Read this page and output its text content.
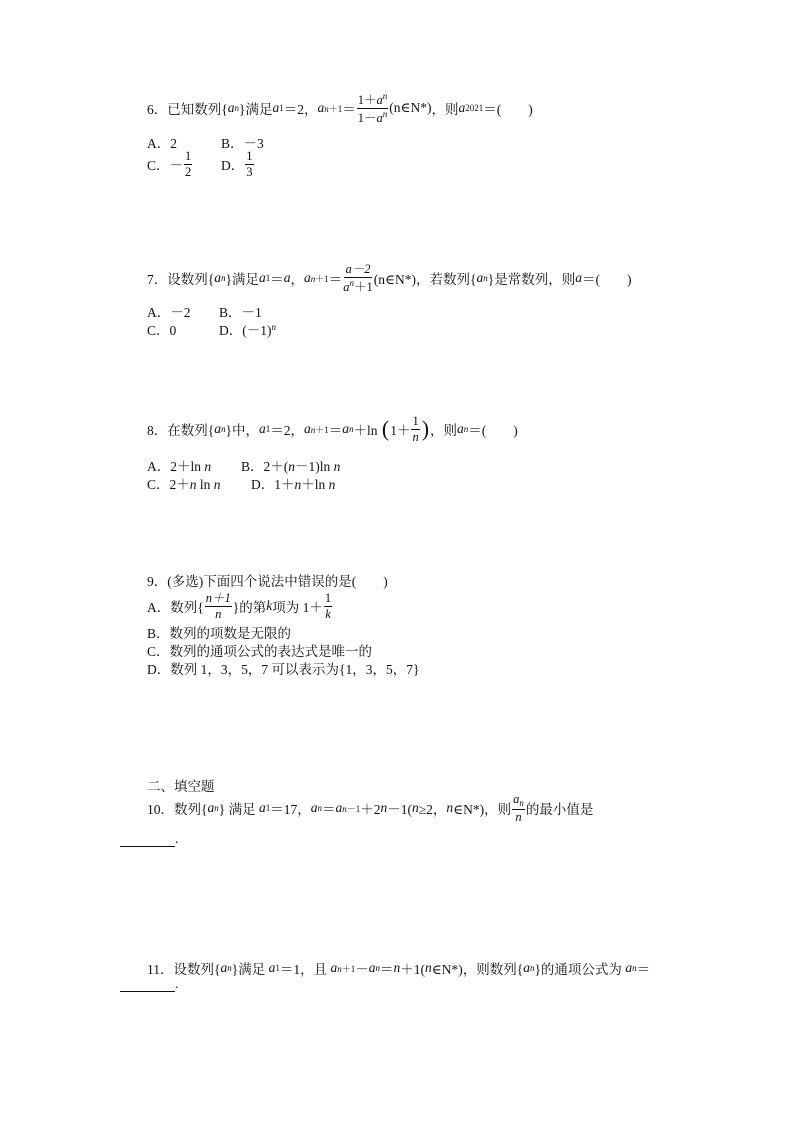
6．已知数列{ a n }满足 a 1 ＝2， a $n+1 = \frac{1+a^n}{1-a^n}$ (n∈N*) ，则 a 2021 ＝(　　)
A．2	B．－3
C．－ $\frac{1}{2}$ D． $\frac{1}{3}$
7．设数列{ a n }满足 a 1 ＝ a ， a $n+1 = \frac{a-2}{a^n+1}$ (n∈N*)，若数列{ a n }是常数列，则 a ＝(　　)
A．－2	B．－1
C．0	D．$(-1)^n$
8．在数列{ a n }中， a 1 ＝2， a n＋1 ＝ a n ＋ln
( $1+ \frac{1}{n}$ ) ，则 a n ＝(　　)
A．2＋ln n	B．2＋(n－1)ln n
C．2＋n ln n	D．1＋n＋ln n
9．(多选)下面四个说法中错误的是(　　)
A．数列{ $\frac{n+1}{n}$ }的第 k 项为 $1+ \frac{1}{k}$
B．数列的项数是无限的
C．数列的通项公式的表达式是唯一的
D．数列 1，3，5，7 可以表示为{1，3，5，7}
二、填空题
10．数列{ a n } 满足
a 1 ＝17， a n ＝ a n－1 ＋2 n －1( n ≥2， n ∈N*)，则 $\frac{a_n}{n}$ 的最小值是
.
11．设数列{ a n }满足
a 1 ＝1，且
a n＋1 － a n ＝ n ＋1( n ∈N*)，则数列{ a n }的通项公式为
a n ＝
.
